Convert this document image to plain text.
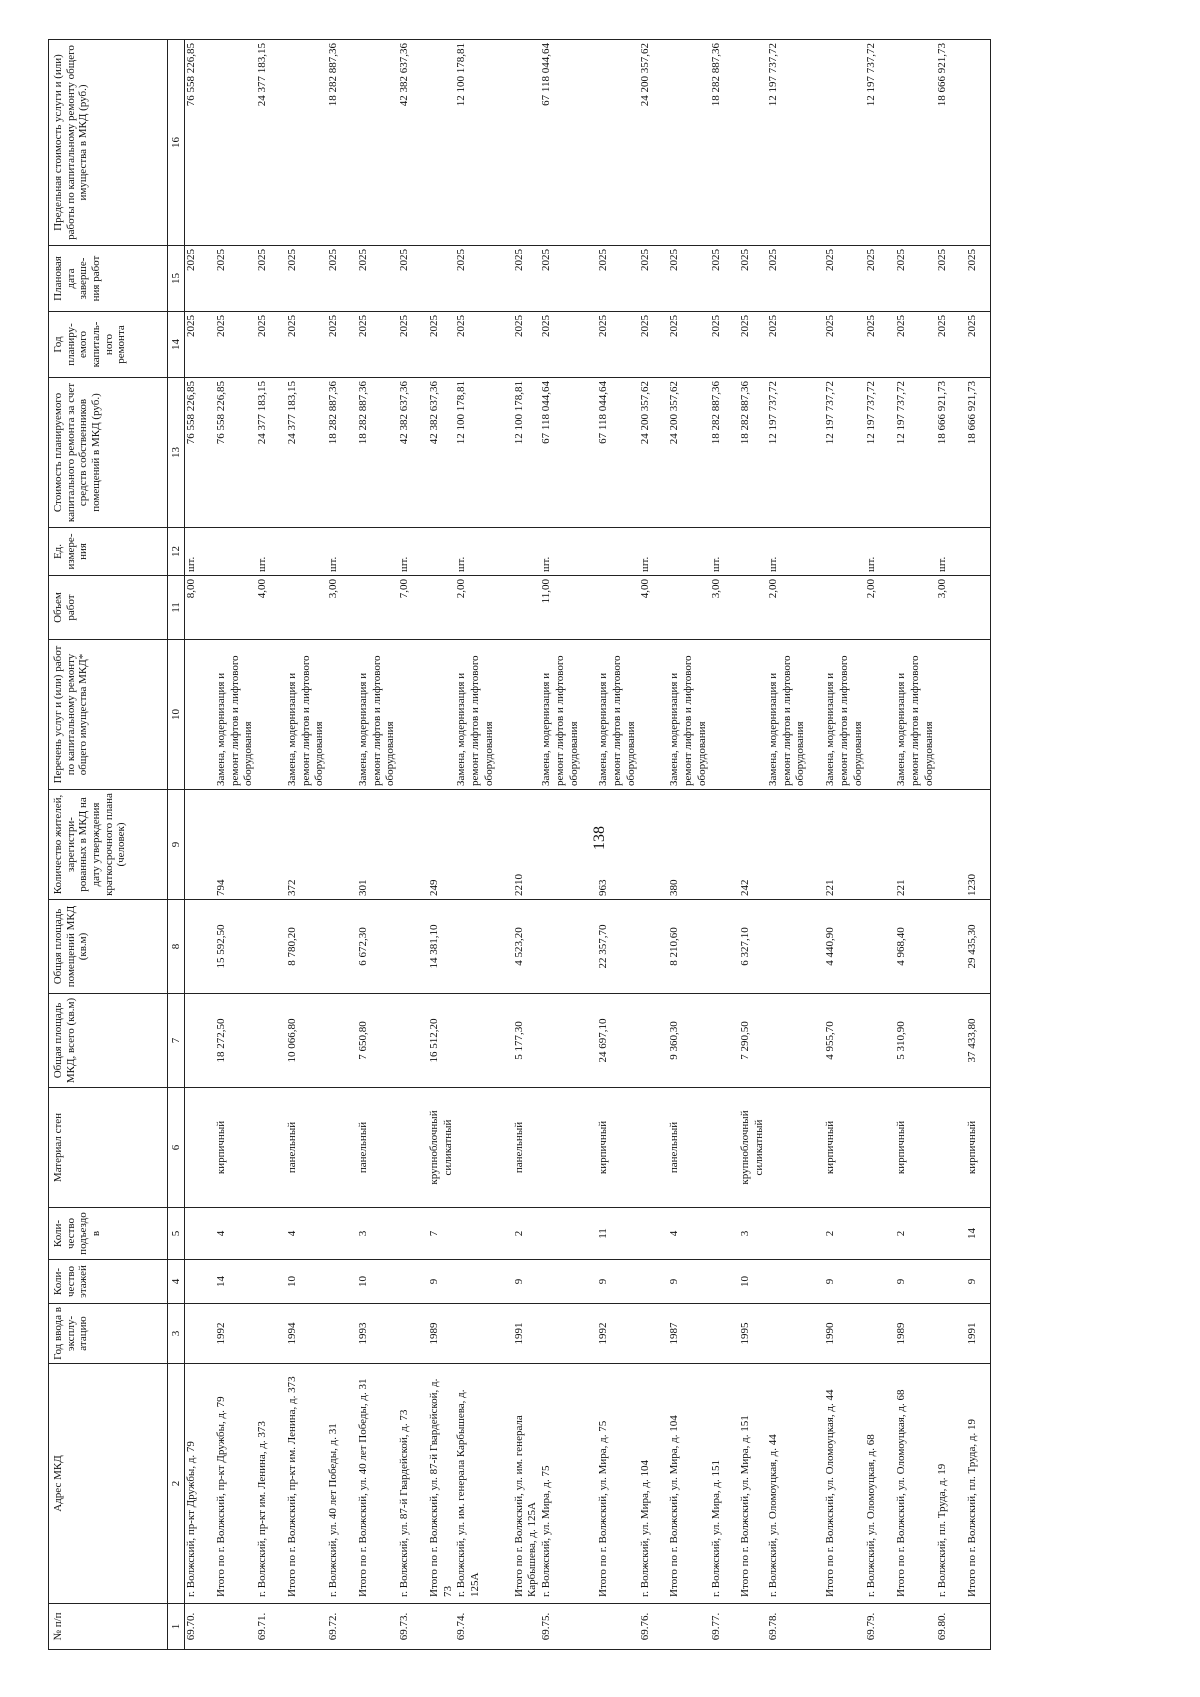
138
№ п/п	Адрес МКД	Год ввода в эксплу- атацию	Коли- чество этажей	Коли- чество подъездо в	Материал стен	Общая площадь МКД, всего (кв.м)	Общая площадь помещений МКД (кв.м)	Количество жителей, зарегистри- рованных в МКД на дату утверждения краткосрочного плана (человек)	Перечень услуг и (или) работ по капитальному ремонту общего имущества МКД*	Объем работ	Ед. измере- ния	Стоимость планируемого капитального ремонта за счет средств собственников помещений в МКД (руб.)	Год планиру- емого капиталь- ного ремонта	Плановая дата заверше- ния работ	Предельная стоимость услуги и (или) работы по капитальному ремонту общего имущества в МКД (руб.)
1	2	3	4	5	6	7	8	9	10	11	12	13	14	15	16
69.70.	г. Волжский, пр-кт Дружбы, д. 79									8,00	шт.	76 558 226,85	2025	2025	76 558 226,85
	Итого по г. Волжский, пр-кт Дружбы, д. 79	1992	14	4	кирпичный	18 272,50	15 592,50	794	Замена, модернизация и ремонт лифтов и лифтового оборудования			76 558 226,85	2025	2025	
69.71.	г. Волжский, пр-кт им. Ленина, д. 373									4,00	шт.	24 377 183,15	2025	2025	24 377 183,15
	Итого по г. Волжский, пр-кт им. Ленина, д. 373	1994	10	4	панельный	10 066,80	8 780,20	372	Замена, модернизация и ремонт лифтов и лифтового оборудования			24 377 183,15	2025	2025	
69.72.	г. Волжский, ул. 40 лет Победы, д. 31									3,00	шт.	18 282 887,36	2025	2025	18 282 887,36
	Итого по г. Волжский, ул. 40 лет Победы, д. 31	1993	10	3	панельный	7 650,80	6 672,30	301	Замена, модернизация и ремонт лифтов и лифтового оборудования			18 282 887,36	2025	2025	
69.73.	г. Волжский, ул. 87-й Гвардейской, д. 73									7,00	шт.	42 382 637,36	2025	2025	42 382 637,36
	Итого по г. Волжский, ул. 87-й Гвардейской, д. 73	1989	9	7	крупноблочный силикатный	16 512,20	14 381,10	249				42 382 637,36	2025		
69.74.	г. Волжский, ул. им. генерала Карбышева, д. 125А								Замена, модернизация и ремонт лифтов и лифтового оборудования	2,00	шт.	12 100 178,81	2025	2025	12 100 178,81
	Итого по г. Волжский, ул. им. генерала Карбышева, д. 125А	1991	9	2	панельный	5 177,30	4 523,20	2210				12 100 178,81	2025	2025	
69.75.	г. Волжский, ул. Мира, д. 75								Замена, модернизация и ремонт лифтов и лифтового оборудования	11,00	шт.	67 118 044,64	2025	2025	67 118 044,64
	Итого по г. Волжский, ул. Мира, д. 75	1992	9	11	кирпичный	24 697,10	22 357,70	963	Замена, модернизация и ремонт лифтов и лифтового оборудования			67 118 044,64	2025	2025	
69.76.	г. Волжский, ул. Мира, д. 104									4,00	шт.	24 200 357,62	2025	2025	24 200 357,62
	Итого по г. Волжский, ул. Мира, д. 104	1987	9	4	панельный	9 360,30	8 210,60	380	Замена, модернизация и ремонт лифтов и лифтового оборудования			24 200 357,62	2025	2025	
69.77.	г. Волжский, ул. Мира, д. 151									3,00	шт.	18 282 887,36	2025	2025	18 282 887,36
	Итого по г. Волжский, ул. Мира, д. 151	1995	10	3	крупноблочный силикатный	7 290,50	6 327,10	242				18 282 887,36	2025	2025	
69.78.	г. Волжский, ул. Оломоуцкая, д. 44								Замена, модернизация и ремонт лифтов и лифтового оборудования	2,00	шт.	12 197 737,72	2025	2025	12 197 737,72
	Итого по г. Волжский, ул. Оломоуцкая, д. 44	1990	9	2	кирпичный	4 955,70	4 440,90	221	Замена, модернизация и ремонт лифтов и лифтового оборудования			12 197 737,72	2025	2025	
69.79.	г. Волжский, ул. Оломоуцкая, д. 68									2,00	шт.	12 197 737,72	2025	2025	12 197 737,72
	Итого по г. Волжский, ул. Оломоуцкая, д. 68	1989	9	2	кирпичный	5 310,90	4 968,40	221	Замена, модернизация и ремонт лифтов и лифтового оборудования			12 197 737,72	2025	2025	
69.80.	г. Волжский, пл. Труда, д. 19									3,00	шт.	18 666 921,73	2025	2025	18 666 921,73
	Итого по г. Волжский, пл. Труда, д. 19	1991	9	14	кирпичный	37 433,80	29 435,30	1230				18 666 921,73	2025	2025	
